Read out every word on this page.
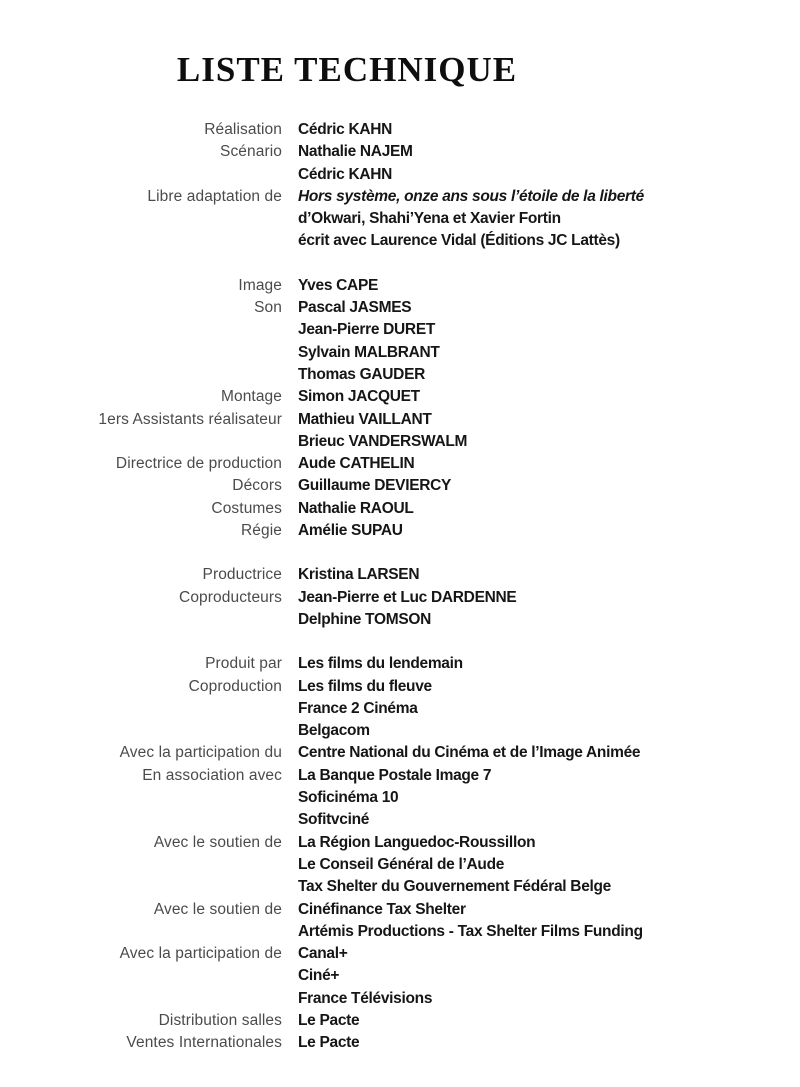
LISTE TECHNIQUE
Réalisation Cédric KAHN
Scénario Nathalie NAJEM
Cédric KAHN
Libre adaptation de Hors système, onze ans sous l’étoile de la liberté
d’Okwari, Shahi’Yena et Xavier Fortin
écrit avec Laurence Vidal (Éditions JC Lattès)
Image Yves CAPE
Son Pascal JASMES
Jean-Pierre DURET
Sylvain MALBRANT
Thomas GAUDER
Montage Simon JACQUET
1ers Assistants réalisateur Mathieu VAILLANT
Brieuc VANDERSWALM
Directrice de production Aude CATHELIN
Décors Guillaume DEVIERCY
Costumes Nathalie RAOUL
Régie Amélie SUPAU
Productrice Kristina LARSEN
Coproducteurs Jean-Pierre et Luc DARDENNE
Delphine TOMSON
Produit par Les films du lendemain
Coproduction Les films du fleuve
France 2 Cinéma
Belgacom
Avec la participation du Centre National du Cinéma et de l’Image Animée
En association avec La Banque Postale Image 7
Soficinéma 10
Sofitvciné
Avec le soutien de La Région Languedoc-Roussillon
Le Conseil Général de l’Aude
Tax Shelter du Gouvernement Fédéral Belge
Avec le soutien de Cinéfinance Tax Shelter
Artémis Productions - Tax Shelter Films Funding
Avec la participation de Canal+
Ciné+
France Télévisions
Distribution salles Le Pacte
Ventes Internationales Le Pacte
